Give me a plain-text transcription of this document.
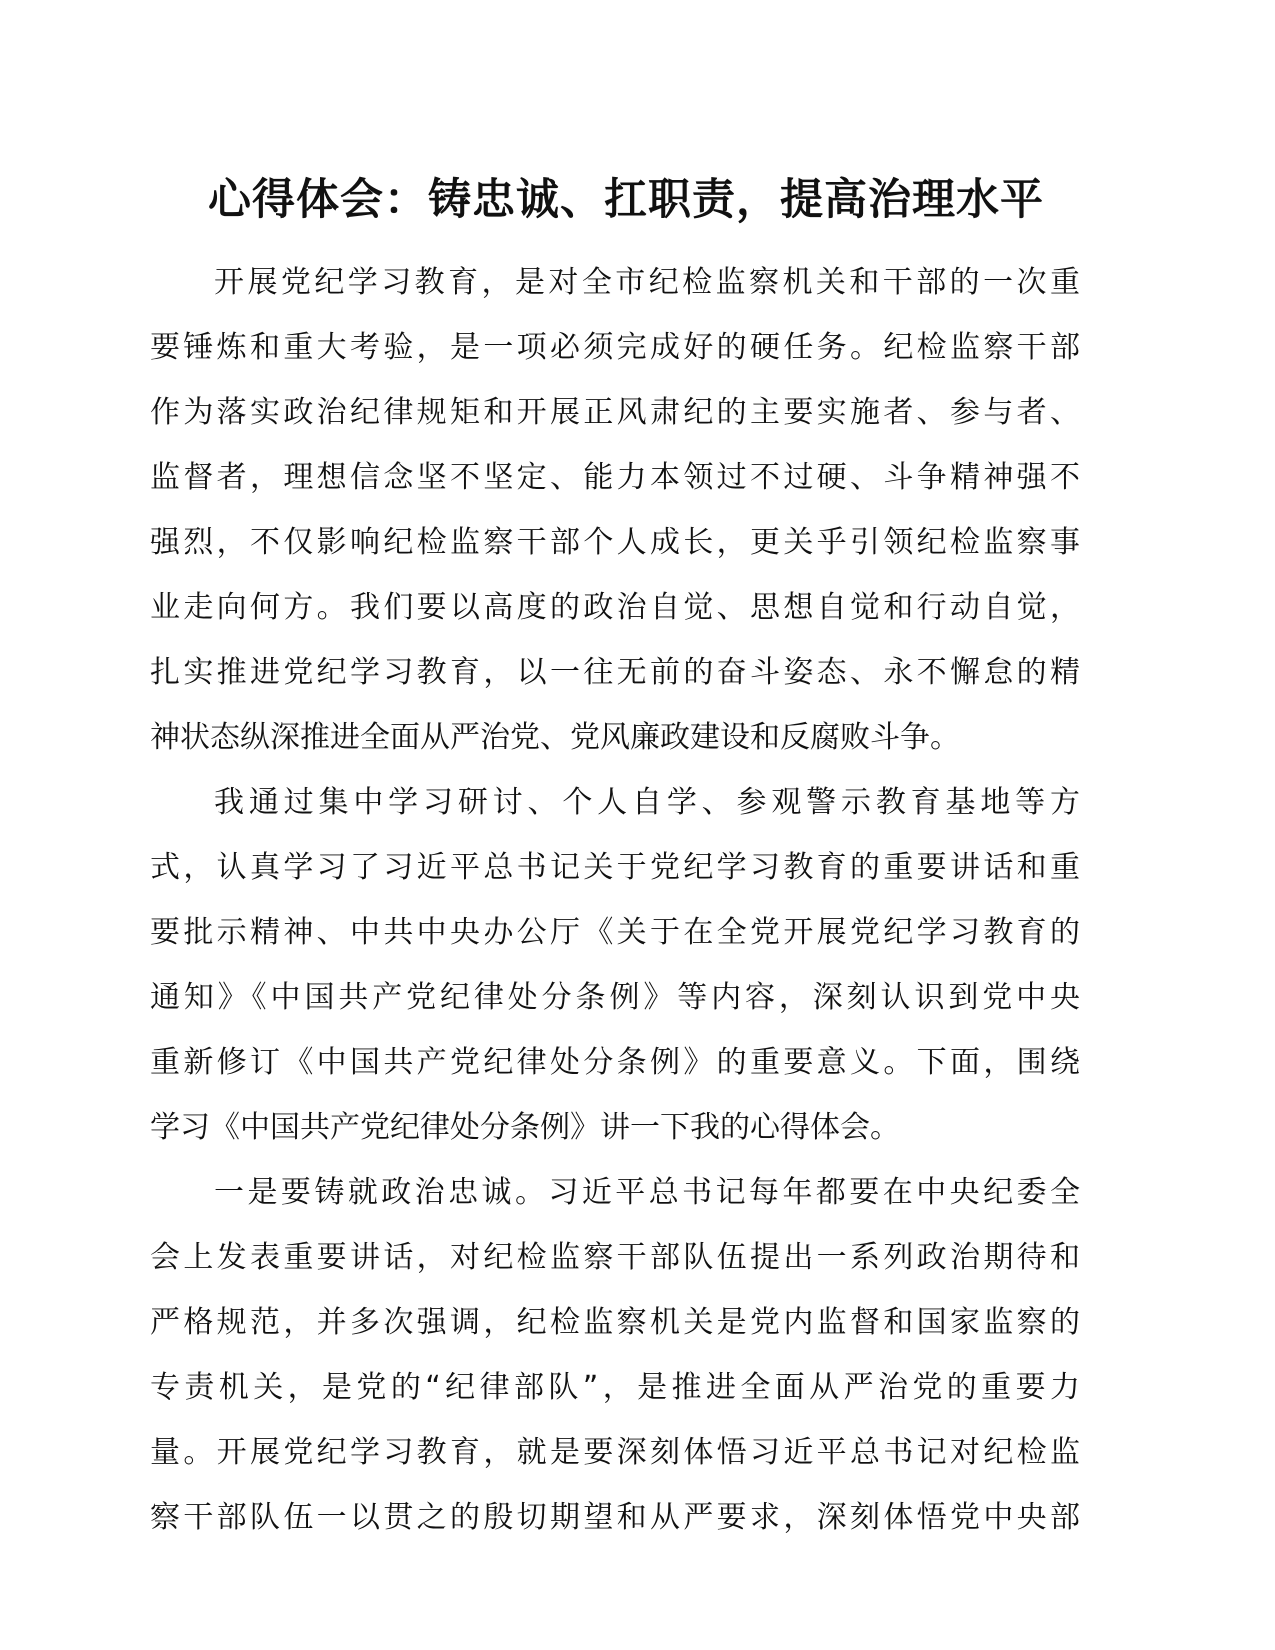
心得体会：铸忠诚、扛职责，提高治理水平
开展党纪学习教育，是对全市纪检监察机关和干部的一次重
要锤炼和重大考验，是一项必须完成好的硬任务。纪检监察干部
作为落实政治纪律规矩和开展正风肃纪的主要实施者、参与者、
监督者，理想信念坚不坚定、能力本领过不过硬、斗争精神强不
强烈，不仅影响纪检监察干部个人成长，更关乎引领纪检监察事
业走向何方。我们要以高度的政治自觉、思想自觉和行动自觉，
扎实推进党纪学习教育，以一往无前的奋斗姿态、永不懈怠的精
神状态纵深推进全面从严治党、党风廉政建设和反腐败斗争。
我通过集中学习研讨、个人自学、参观警示教育基地等方
式，认真学习了习近平总书记关于党纪学习教育的重要讲话和重
要批示精神、中共中央办公厅《关于在全党开展党纪学习教育的
通知》《中国共产党纪律处分条例》等内容，深刻认识到党中央
重新修订《中国共产党纪律处分条例》的重要意义。下面，围绕
学习《中国共产党纪律处分条例》讲一下我的心得体会。
一是要铸就政治忠诚。习近平总书记每年都要在中央纪委全
会上发表重要讲话，对纪检监察干部队伍提出一系列政治期待和
严格规范，并多次强调，纪检监察机关是党内监督和国家监察的
专责机关，是党的“纪律部队”，是推进全面从严治党的重要力
量。开展党纪学习教育，就是要深刻体悟习近平总书记对纪检监
察干部队伍一以贯之的殷切期望和从严要求，深刻体悟党中央部
